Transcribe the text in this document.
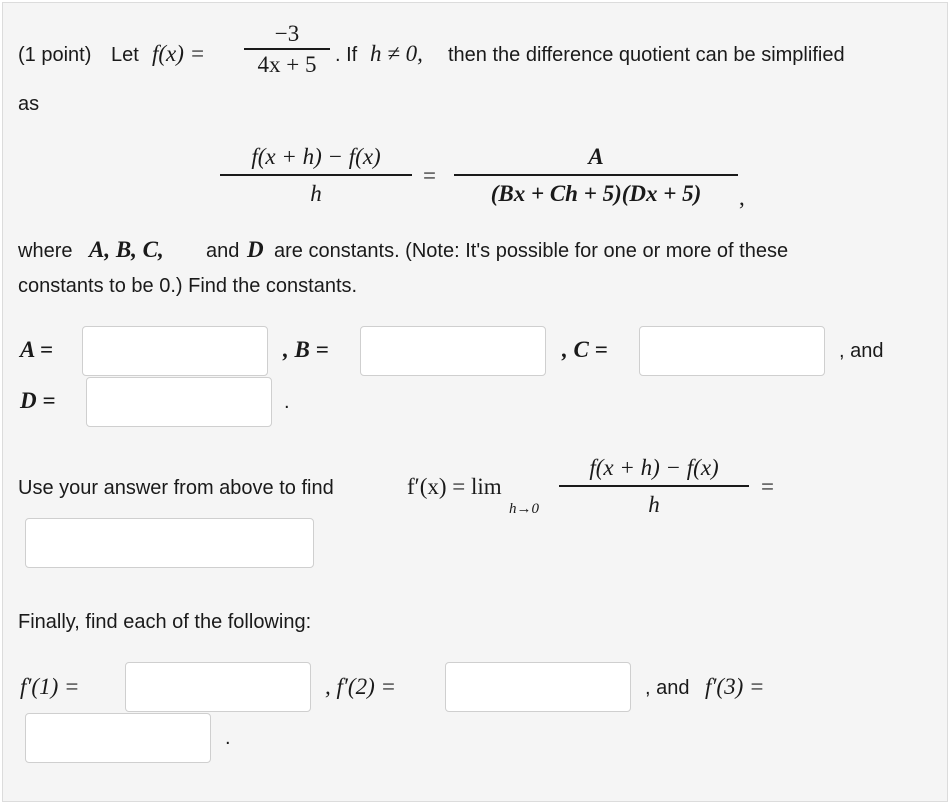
(1 point) Let f(x) =
−3
4x + 5 . If h ≠ 0, then the difference quotient can be simplified
as
f(x + h) − f(x)
h
=
A
(Bx + Ch + 5)(Dx + 5) ,
where A, B, C, and D are constants. (Note: It's possible for one or more of these
constants to be 0.) Find the constants.
A =	, B =	, C =	, and
D =	.
Use your answer from above to find	f′(x) = lim
h→0
f(x + h) − f(x)
h
=
Finally, find each of the following:
f′(1) =	, f′(2) =	, and f′(3) =
.
